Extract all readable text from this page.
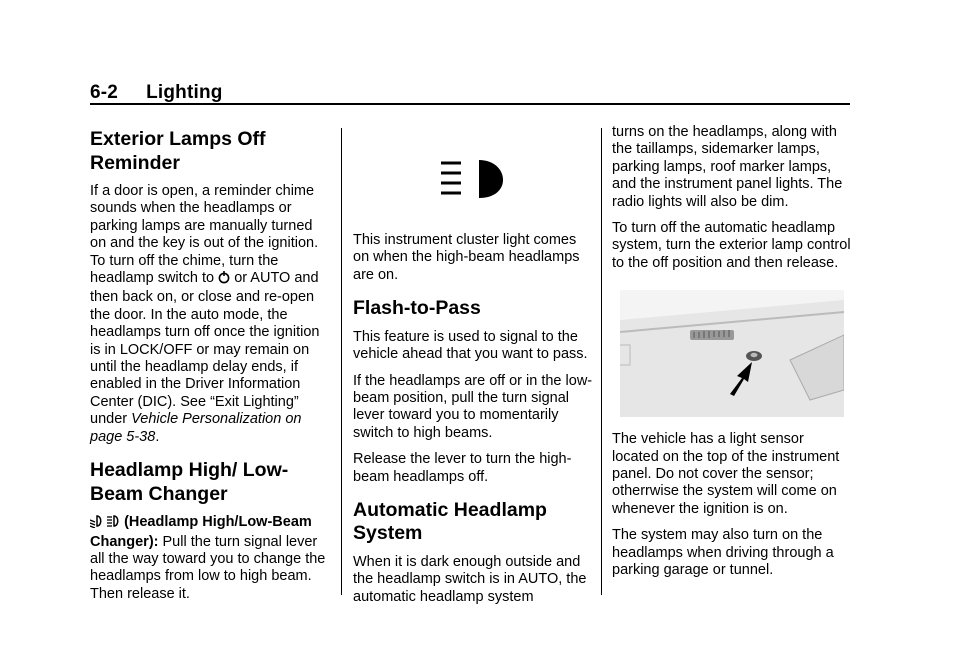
6-2 Lighting
Exterior Lamps Off Reminder

If a door is open, a reminder chime sounds when the headlamps or parking lamps are manually turned on and the key is out of the ignition. To turn off the chime, turn the headlamp switch to or AUTO and then back on, or close and re-open the door. In the auto mode, the headlamps turn off once the ignition is in LOCK/OFF or may remain on until the headlamp delay ends, if enabled in the Driver Information Center (DIC). See “Exit Lighting” under Vehicle Personalization on page 5-38.

Headlamp High/ Low-Beam Changer

(Headlamp High/Low-Beam Changer): Pull the turn signal lever all the way toward you to change the headlamps from low to high beam. Then release it.

This instrument cluster light comes on when the high-beam headlamps are on.

Flash-to-Pass

This feature is used to signal to the vehicle ahead that you want to pass.

If the headlamps are off or in the low-beam position, pull the turn signal lever toward you to momentarily switch to high beams.

Release the lever to turn the high-beam headlamps off.

Automatic Headlamp System

When it is dark enough outside and the headlamp switch is in AUTO, the automatic headlamp system

turns on the headlamps, along with the taillamps, sidemarker lamps, parking lamps, roof marker lamps, and the instrument panel lights. The radio lights will also be dim.

To turn off the automatic headlamp system, turn the exterior lamp control to the off position and then release.

The vehicle has a light sensor located on the top of the instrument panel. Do not cover the sensor; otherrwise the system will come on whenever the ignition is on.

The system may also turn on the headlamps when driving through a parking garage or tunnel.
